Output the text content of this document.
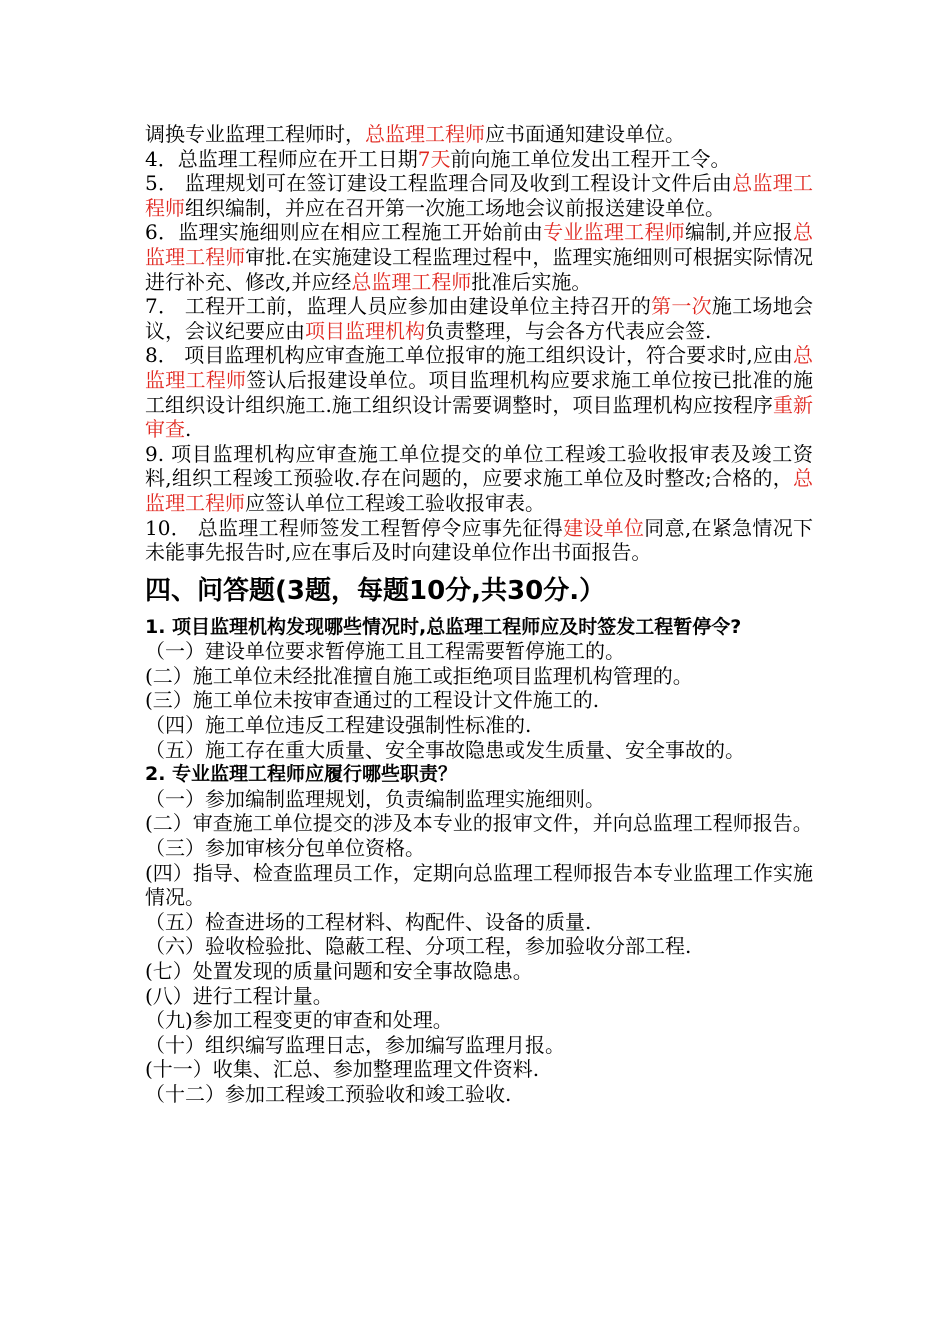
调换专业监理工程师时，总监理工程师应书面通知建设单位。

4．总监理工程师应在开工日期7天前向施工单位发出工程开工令。

5． 监理规划可在签订建设工程监理合同及收到工程设计文件后由总监理工程师组织编制，并应在召开第一次施工场地会议前报送建设单位。

6．监理实施细则应在相应工程施工开始前由专业监理工程师编制,并应报总监理工程师审批.在实施建设工程监理过程中，监理实施细则可根据实际情况进行补充、修改,并应经总监理工程师批准后实施。

7． 工程开工前，监理人员应参加由建设单位主持召开的第一次施工场地会议，会议纪要应由项目监理机构负责整理，与会各方代表应会签.

8． 项目监理机构应审查施工单位报审的施工组织设计，符合要求时,应由总监理工程师签认后报建设单位。项目监理机构应要求施工单位按已批准的施工组织设计组织施工.施工组织设计需要调整时，项目监理机构应按程序重新审查.

9. 项目监理机构应审查施工单位提交的单位工程竣工验收报审表及竣工资料,组织工程竣工预验收.存在问题的，应要求施工单位及时整改;合格的，总监理工程师应签认单位工程竣工验收报审表。

10． 总监理工程师签发工程暂停令应事先征得建设单位同意,在紧急情况下未能事先报告时,应在事后及时向建设单位作出书面报告。

四、问答题(3题，每题10分,共30分.）

1. 项目监理机构发现哪些情况时,总监理工程师应及时签发工程暂停令?

（一）建设单位要求暂停施工且工程需要暂停施工的。

(二）施工单位未经批准擅自施工或拒绝项目监理机构管理的。

(三）施工单位未按审查通过的工程设计文件施工的.

（四）施工单位违反工程建设强制性标准的.

（五）施工存在重大质量、安全事故隐患或发生质量、安全事故的。

2. 专业监理工程师应履行哪些职责？

（一）参加编制监理规划，负责编制监理实施细则。

(二）审查施工单位提交的涉及本专业的报审文件，并向总监理工程师报告。

（三）参加审核分包单位资格。

(四）指导、检查监理员工作，定期向总监理工程师报告本专业监理工作实施情况。

（五）检查进场的工程材料、构配件、设备的质量.

（六）验收检验批、隐蔽工程、分项工程，参加验收分部工程.

(七）处置发现的质量问题和安全事故隐患。

(八）进行工程计量。

（九)参加工程变更的审查和处理。

（十）组织编写监理日志，参加编写监理月报。

(十一）收集、汇总、参加整理监理文件资料.

（十二）参加工程竣工预验收和竣工验收.
